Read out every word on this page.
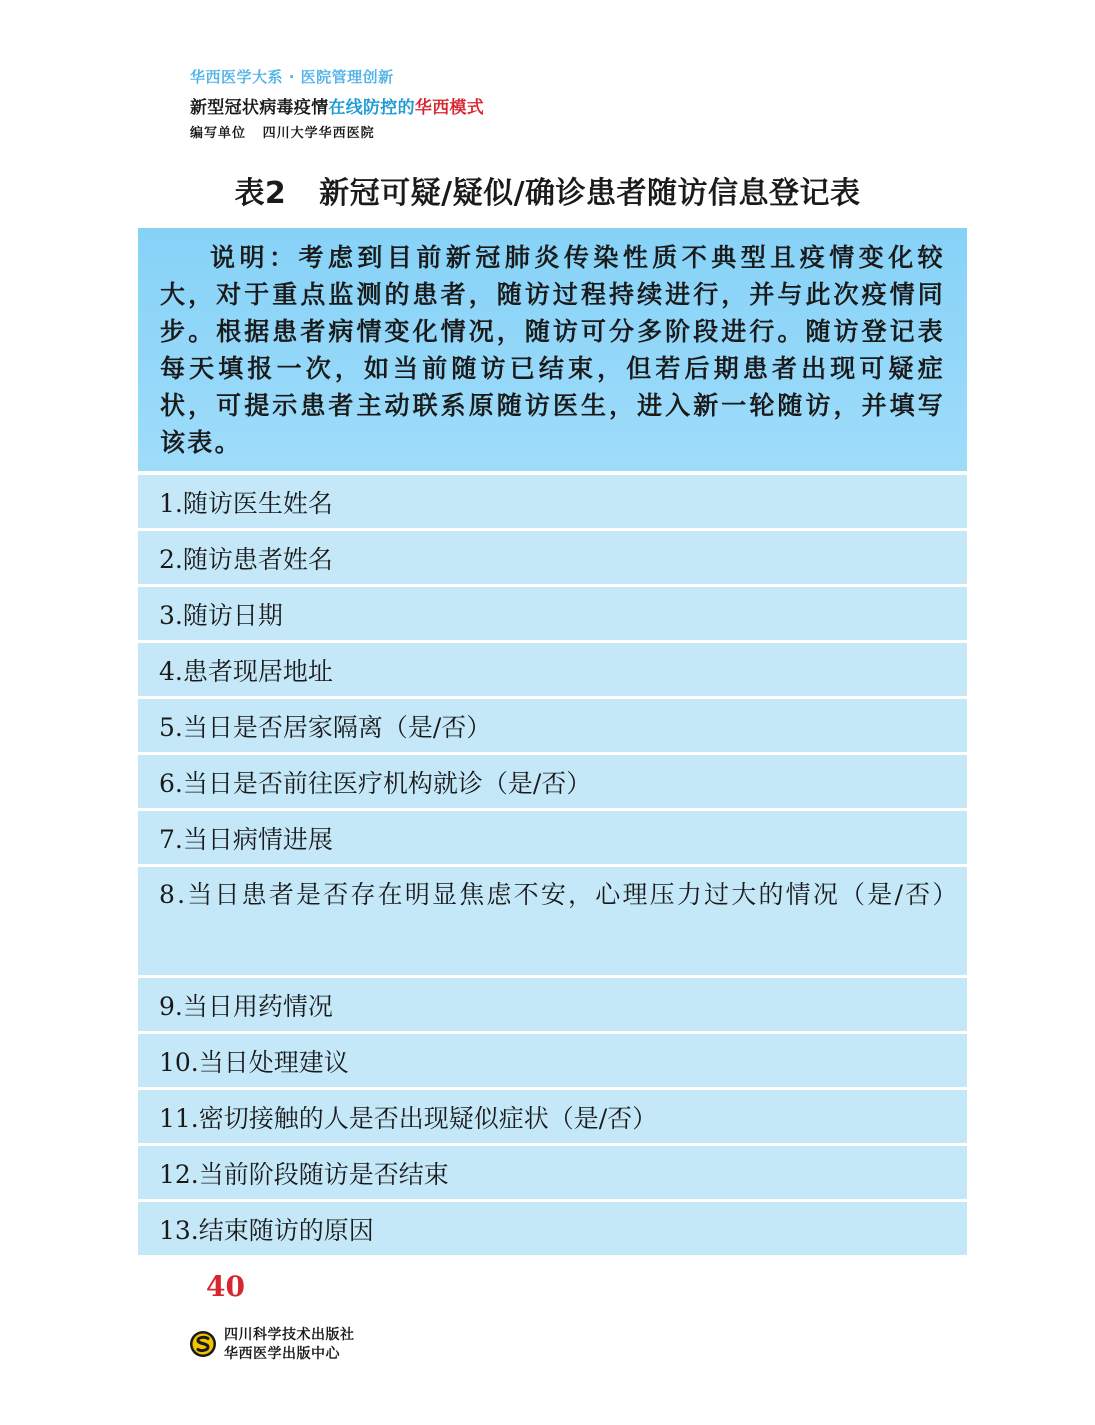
华西医学大系 · 医院管理创新
新型冠状病毒疫情在线防控的华西模式
编写单位   四川大学华西医院
表2   新冠可疑/疑似/确诊患者随访信息登记表
说明：考虑到目前新冠肺炎传染性质不典型且疫情变化较大，对于重点监测的患者，随访过程持续进行，并与此次疫情同步。根据患者病情变化情况，随访可分多阶段进行。随访登记表每天填报一次，如当前随访已结束，但若后期患者出现可疑症状，可提示患者主动联系原随访医生，进入新一轮随访，并填写该表。
1.随访医生姓名
2.随访患者姓名
3.随访日期
4.患者现居地址
5.当日是否居家隔离（是/否）
6.当日是否前往医疗机构就诊（是/否）
7.当日病情进展
8.当日患者是否存在明显焦虑不安，心理压力过大的情况（是/否）
9.当日用药情况
10.当日处理建议
11.密切接触的人是否出现疑似症状（是/否）
12.当前阶段随访是否结束
13.结束随访的原因
40
四川科学技术出版社
华西医学出版中心
